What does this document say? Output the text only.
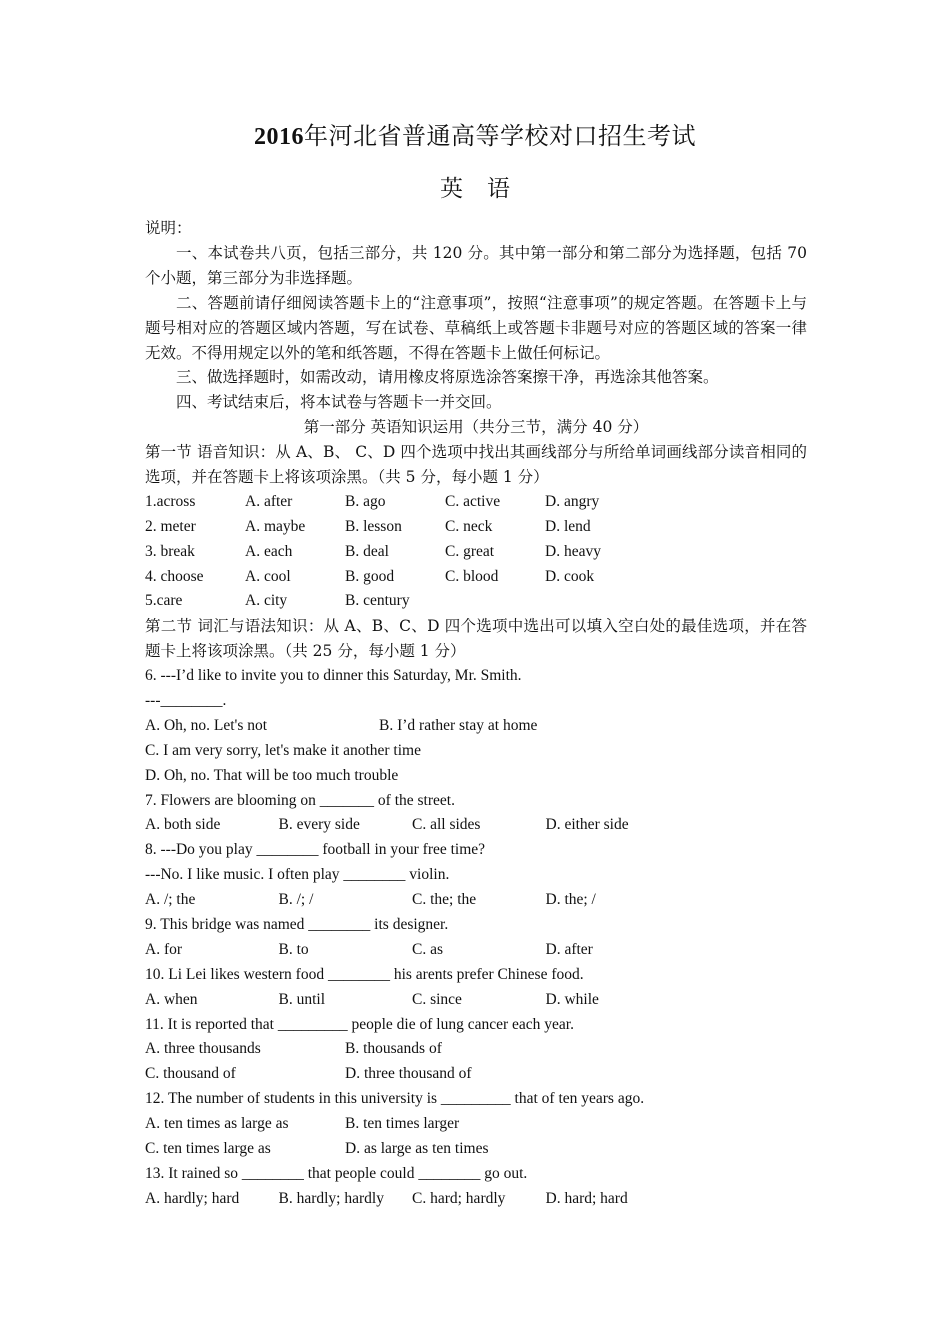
2016年河北省普通高等学校对口招生考试
英语
说明：
一、本试卷共八页，包括三部分，共 120 分。其中第一部分和第二部分为选择题，包括 70 个小题，第三部分为非选择题。
二、答题前请仔细阅读答题卡上的“注意事项”，按照“注意事项”的规定答题。在答题卡上与题号相对应的答题区域内答题，写在试卷、草稿纸上或答题卡非题号对应的答题区域的答案一律无效。不得用规定以外的笔和纸答题，不得在答题卡上做任何标记。
三、做选择题时，如需改动，请用橡皮将原选涂答案擦干净，再选涂其他答案。
四、考试结束后，将本试卷与答题卡一并交回。
第一部分 英语知识运用（共分三节，满分 40 分）
第一节 语音知识：从 A、B、 C、D 四个选项中找出其画线部分与所给单词画线部分读音相同的选项，并在答题卡上将该项涂黑。（共 5 分，每小题 1 分）
1.across	A. after	B. ago	C. active	D. angry
2. meter	A. maybe	B. lesson	C. neck	D. lend
3. break	A. each	B. deal	C. great	D. heavy
4. choose	A. cool	B. good	C. blood	D. cook
5.care	A. city	B. century
第二节 词汇与语法知识：从 A、B、C、D 四个选项中选出可以填入空白处的最佳选项，并在答题卡上将该项涂黑。（共 25 分，每小题 1 分）
6. ---I’d like to invite you to dinner this Saturday, Mr. Smith.
---________.
A. Oh, no. Let's not	B. I’d rather stay at home
C. I am very sorry, let's make it another time
D. Oh, no. That will be too much trouble
7. Flowers are blooming on _______ of the street.
A. both side	B. every side	C. all sides	D. either side
8. ---Do you play ________ football in your free time?
---No. I like music. I often play ________ violin.
A. /; the	B. /; /	C. the; the	D. the; /
9. This bridge was named ________ its designer.
A. for	B. to	C. as	D. after
10. Li Lei likes western food ________ his arents prefer Chinese food.
A. when	B. until	C. since	D. while
11. It is reported that _________ people die of lung cancer each year.
A. three thousands	B. thousands of
C. thousand of	D. three thousand of
12. The number of students in this university is _________ that of ten years ago.
A. ten times as large as	B. ten times larger
C. ten times large as	D. as large as ten times
13. It rained so ________ that people could ________ go out.
A. hardly; hard	B. hardly; hardly	C. hard; hardly	D. hard; hard
